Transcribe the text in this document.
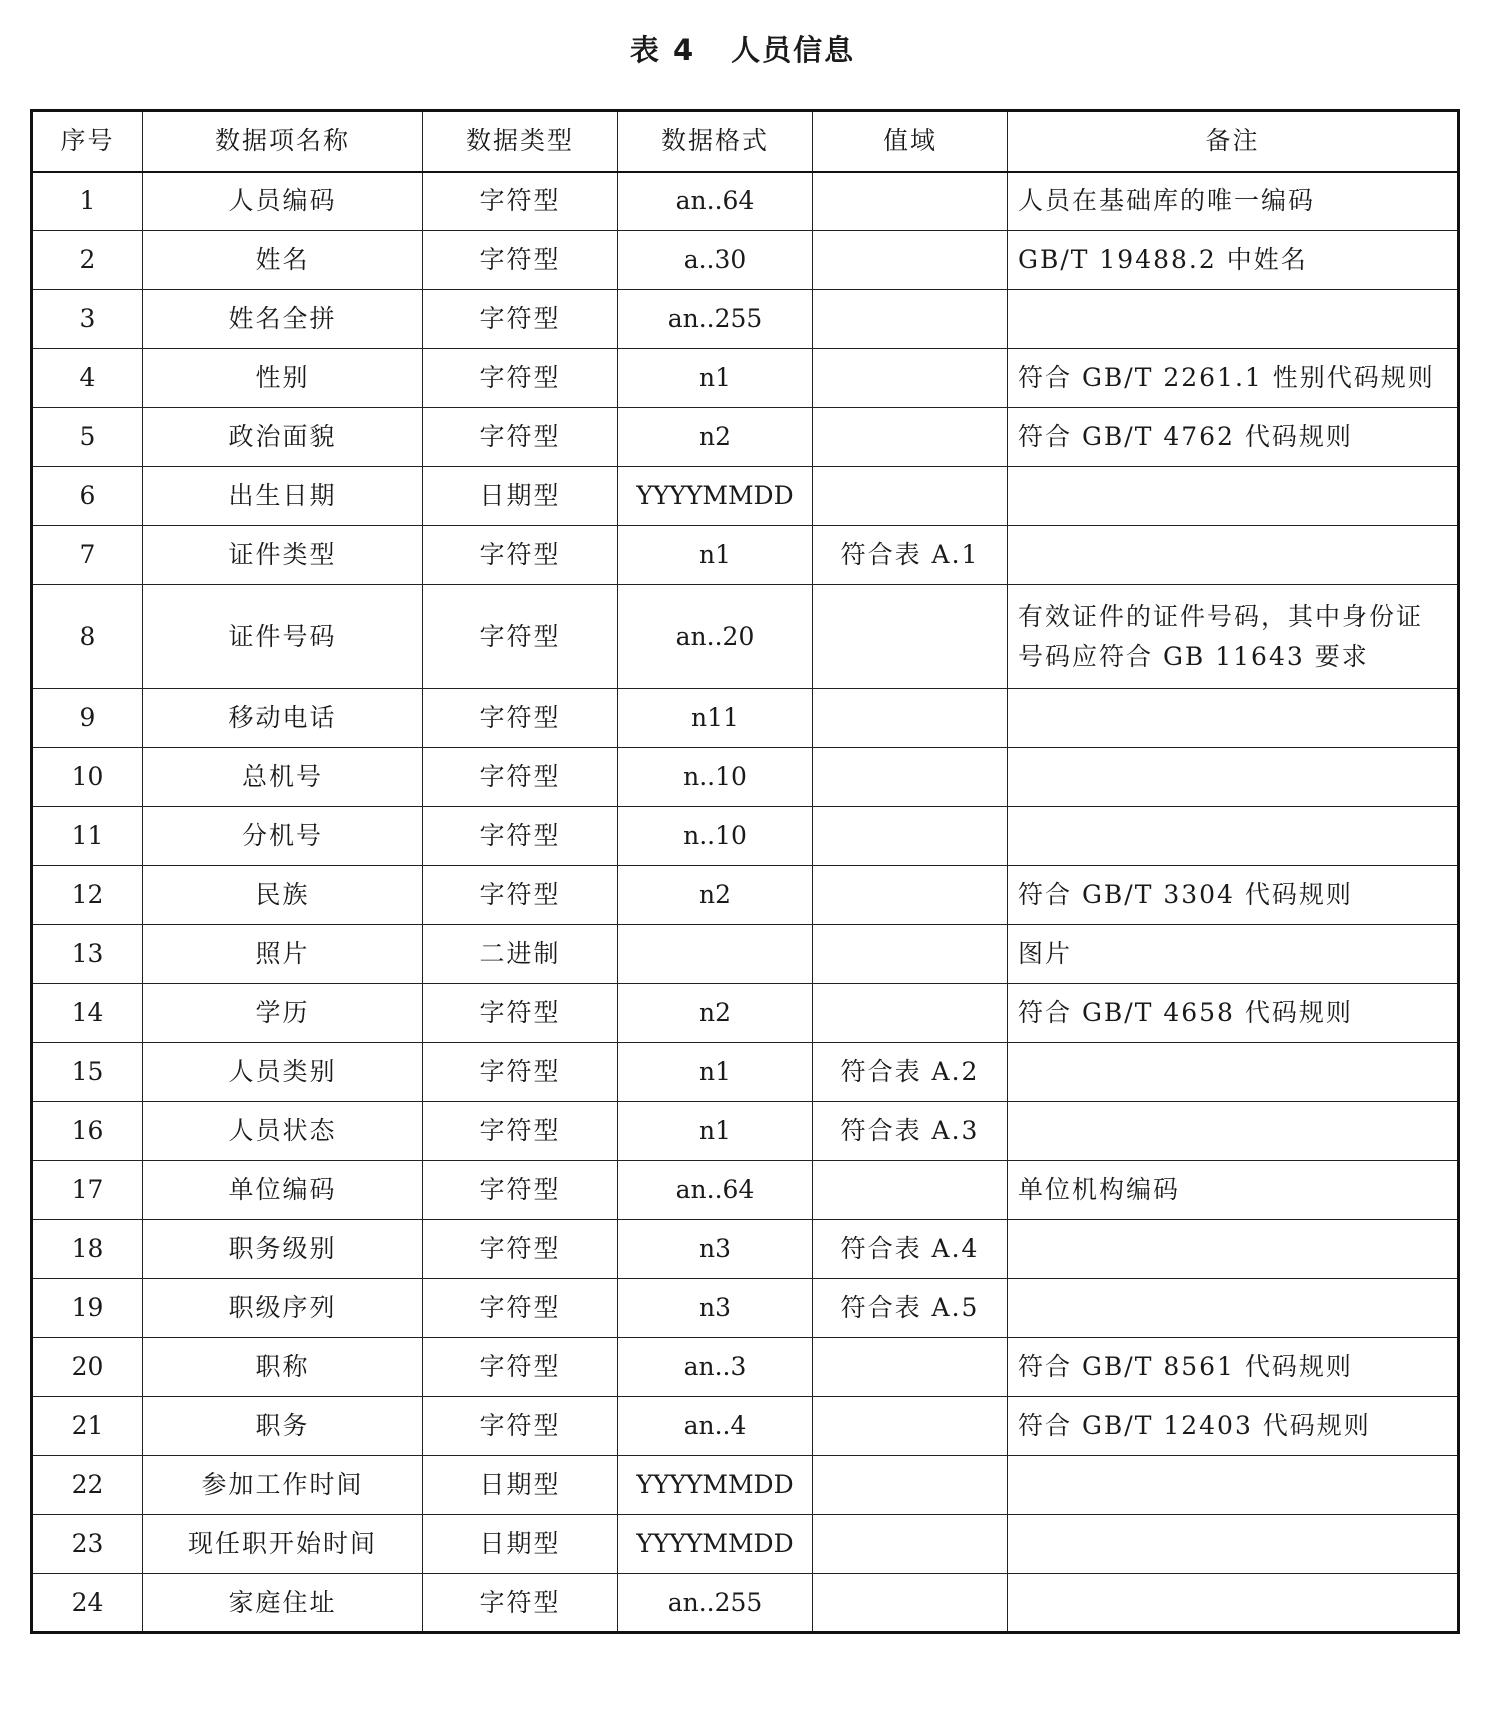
表 4 人员信息
序号	数据项名称	数据类型	数据格式	值域	备注
1	人员编码	字符型	an..64		人员在基础库的唯一编码
2	姓名	字符型	a..30		GB/T 19488.2 中姓名
3	姓名全拼	字符型	an..255		
4	性别	字符型	n1		符合 GB/T 2261.1 性别代码规则
5	政治面貌	字符型	n2		符合 GB/T 4762 代码规则
6	出生日期	日期型	YYYYMMDD		
7	证件类型	字符型	n1	符合表 A.1	
8	证件号码	字符型	an..20		有效证件的证件号码，其中身份证号码应符合 GB 11643 要求
9	移动电话	字符型	n11		
10	总机号	字符型	n..10		
11	分机号	字符型	n..10		
12	民族	字符型	n2		符合 GB/T 3304 代码规则
13	照片	二进制			图片
14	学历	字符型	n2		符合 GB/T 4658 代码规则
15	人员类别	字符型	n1	符合表 A.2	
16	人员状态	字符型	n1	符合表 A.3	
17	单位编码	字符型	an..64		单位机构编码
18	职务级别	字符型	n3	符合表 A.4	
19	职级序列	字符型	n3	符合表 A.5	
20	职称	字符型	an..3		符合 GB/T 8561 代码规则
21	职务	字符型	an..4		符合 GB/T 12403 代码规则
22	参加工作时间	日期型	YYYYMMDD		
23	现任职开始时间	日期型	YYYYMMDD		
24	家庭住址	字符型	an..255		
